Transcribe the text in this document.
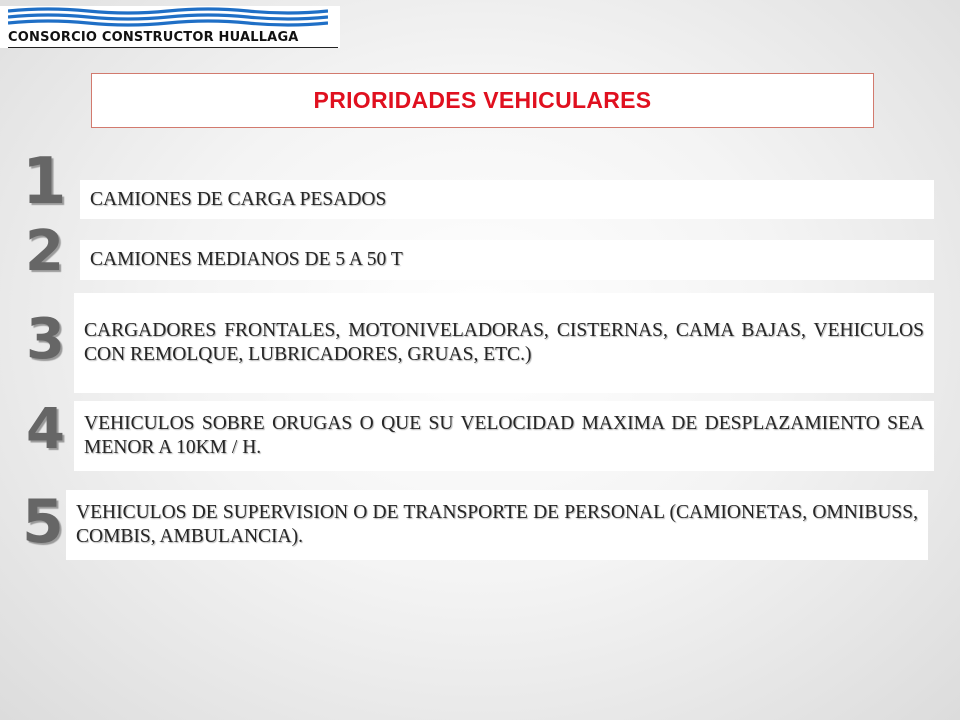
CONSORCIO CONSTRUCTOR HUALLAGA
PRIORIDADES VEHICULARES
1 CAMIONES DE CARGA PESADOS
2 CAMIONES MEDIANOS DE 5 A 50 T
3 CARGADORES FRONTALES, MOTONIVELADORAS, CISTERNAS, CAMA BAJAS, VEHICULOS CON REMOLQUE, LUBRICADORES, GRUAS, ETC.)
4 VEHICULOS SOBRE ORUGAS O QUE SU VELOCIDAD MAXIMA DE DESPLAZAMIENTO SEA MENOR A 10KM / H.
5 VEHICULOS DE SUPERVISION O DE TRANSPORTE DE PERSONAL (CAMIONETAS, OMNIBUSS, COMBIS, AMBULANCIA).
